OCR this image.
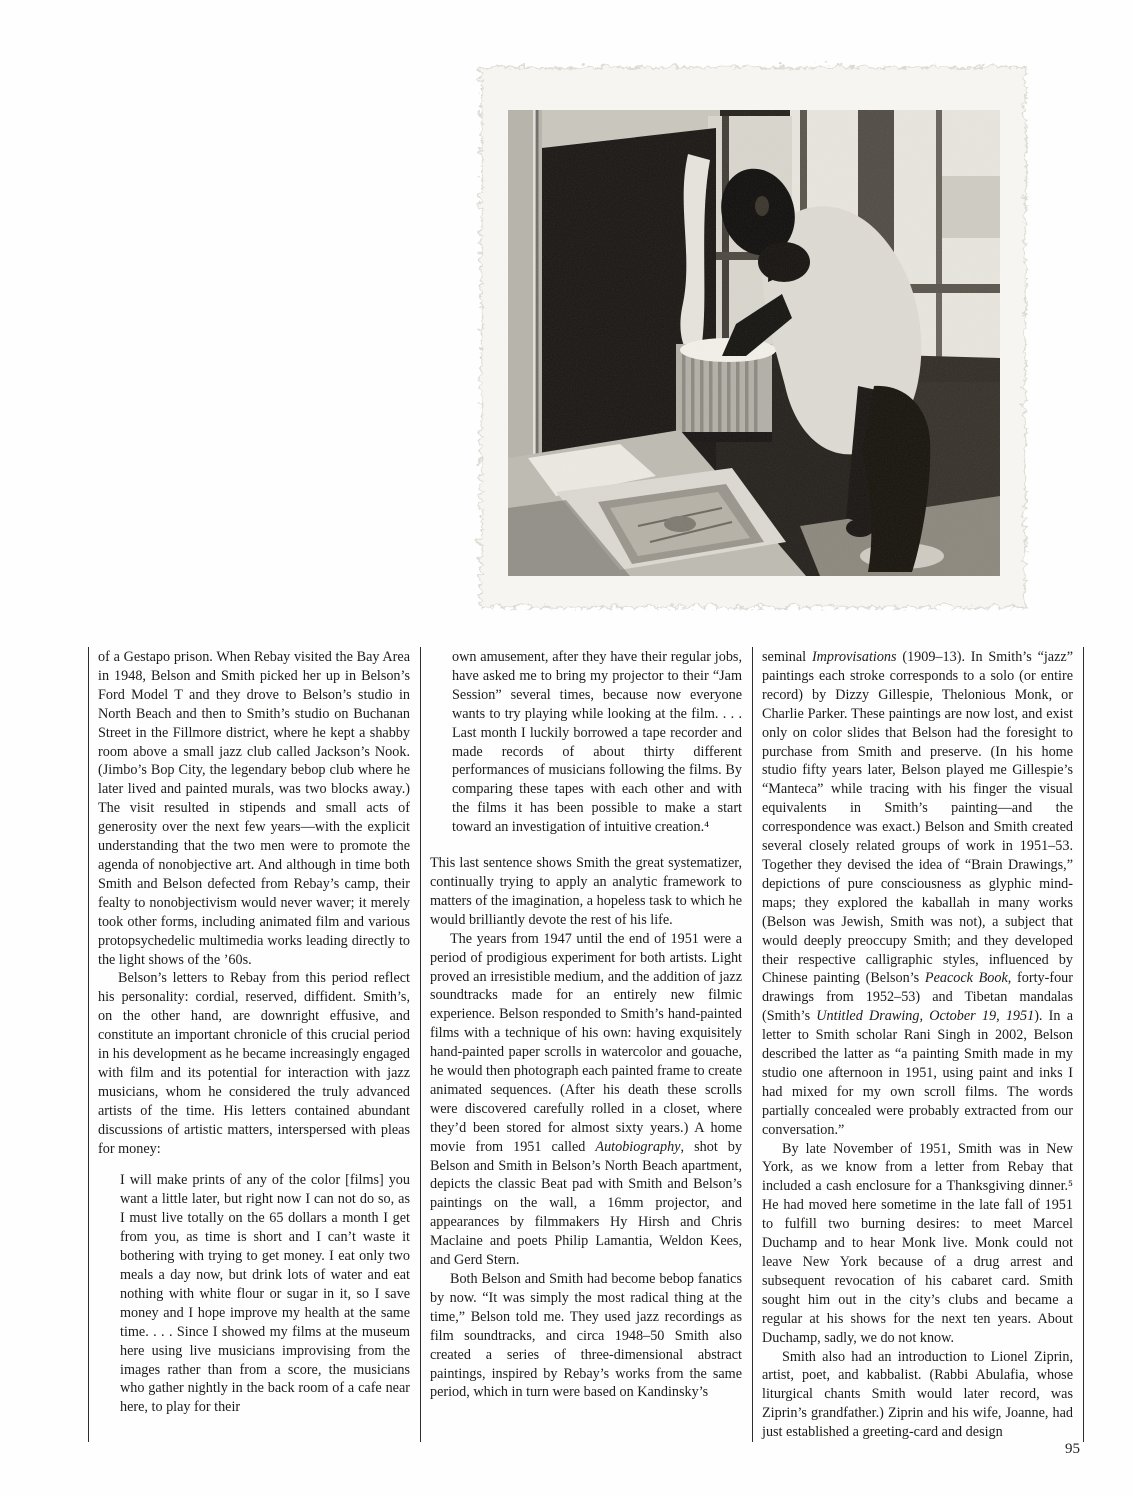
of a Gestapo prison. When Rebay visited the Bay Area in 1948, Belson and Smith picked her up in Belson’s Ford Model T and they drove to Belson’s studio in North Beach and then to Smith’s studio on Buchanan Street in the Fillmore district, where he kept a shabby room above a small jazz club called Jackson’s Nook. (Jimbo’s Bop City, the legendary bebop club where he later lived and painted murals, was two blocks away.) The visit resulted in stipends and small acts of generosity over the next few years—with the explicit understanding that the two men were to promote the agenda of nonobjective art. And although in time both Smith and Belson defected from Rebay’s camp, their fealty to nonobjectivism would never waver; it merely took other forms, including animated film and various protopsychedelic multimedia works leading directly to the light shows of the ’60s.

Belson’s letters to Rebay from this period reflect his personality: cordial, reserved, diffident. Smith’s, on the other hand, are downright effusive, and constitute an important chronicle of this crucial period in his development as he became increasingly engaged with film and its potential for interaction with jazz musicians, whom he considered the truly advanced artists of the time. His letters contained abundant discussions of artistic matters, interspersed with pleas for money:

I will make prints of any of the color [films] you want a little later, but right now I can not do so, as I must live totally on the 65 dollars a month I get from you, as time is short and I can’t waste it bothering with trying to get money. I eat only two meals a day now, but drink lots of water and eat nothing with white flour or sugar in it, so I save money and I hope improve my health at the same time. . . . Since I showed my films at the museum here using live musicians improvising from the images rather than from a score, the musicians who gather nightly in the back room of a cafe near here, to play for their
own amusement, after they have their regular jobs, have asked me to bring my projector to their “Jam Session” several times, because now everyone wants to try playing while looking at the film. . . . Last month I luckily borrowed a tape recorder and made records of about thirty different performances of musicians following the films. By comparing these tapes with each other and with the films it has been possible to make a start toward an investigation of intuitive creation.⁴

This last sentence shows Smith the great systematizer, continually trying to apply an analytic framework to matters of the imagination, a hopeless task to which he would brilliantly devote the rest of his life.

The years from 1947 until the end of 1951 were a period of prodigious experiment for both artists. Light proved an irresistible medium, and the addition of jazz soundtracks made for an entirely new filmic experience. Belson responded to Smith’s hand-painted films with a technique of his own: having exquisitely hand-painted paper scrolls in watercolor and gouache, he would then photograph each painted frame to create animated sequences. (After his death these scrolls were discovered carefully rolled in a closet, where they’d been stored for almost sixty years.) A home movie from 1951 called Autobiography, shot by Belson and Smith in Belson’s North Beach apartment, depicts the classic Beat pad with Smith and Belson’s paintings on the wall, a 16mm projector, and appearances by filmmakers Hy Hirsh and Chris Maclaine and poets Philip Lamantia, Weldon Kees, and Gerd Stern.

Both Belson and Smith had become bebop fanatics by now. “It was simply the most radical thing at the time,” Belson told me. They used jazz recordings as film soundtracks, and circa 1948–50 Smith also created a series of three-dimensional abstract paintings, inspired by Rebay’s works from the same period, which in turn were based on Kandinsky’s

seminal Improvisations (1909–13). In Smith’s “jazz” paintings each stroke corresponds to a solo (or entire record) by Dizzy Gillespie, Thelonious Monk, or Charlie Parker. These paintings are now lost, and exist only on color slides that Belson had the foresight to purchase from Smith and preserve. (In his home studio fifty years later, Belson played me Gillespie’s “Manteca” while tracing with his finger the visual equivalents in Smith’s painting—and the correspondence was exact.) Belson and Smith created several closely related groups of work in 1951–53. Together they devised the idea of “Brain Drawings,” depictions of pure consciousness as glyphic mind-maps; they explored the kaballah in many works (Belson was Jewish, Smith was not), a subject that would deeply preoccupy Smith; and they developed their respective calligraphic styles, influenced by Chinese painting (Belson’s Peacock Book, forty-four drawings from 1952–53) and Tibetan mandalas (Smith’s Untitled Drawing, October 19, 1951). In a letter to Smith scholar Rani Singh in 2002, Belson described the latter as “a painting Smith made in my studio one afternoon in 1951, using paint and inks I had mixed for my own scroll films. The words partially concealed were probably extracted from our conversation.”

By late November of 1951, Smith was in New York, as we know from a letter from Rebay that included a cash enclosure for a Thanksgiving dinner.⁵ He had moved here sometime in the late fall of 1951 to fulfill two burning desires: to meet Marcel Duchamp and to hear Monk live. Monk could not leave New York because of a drug arrest and subsequent revocation of his cabaret card. Smith sought him out in the city’s clubs and became a regular at his shows for the next ten years. About Duchamp, sadly, we do not know.

Smith also had an introduction to Lionel Ziprin, artist, poet, and kabbalist. (Rabbi Abulafia, whose liturgical chants Smith would later record, was Ziprin’s grandfather.) Ziprin and his wife, Joanne, had just established a greeting-card and design

95
